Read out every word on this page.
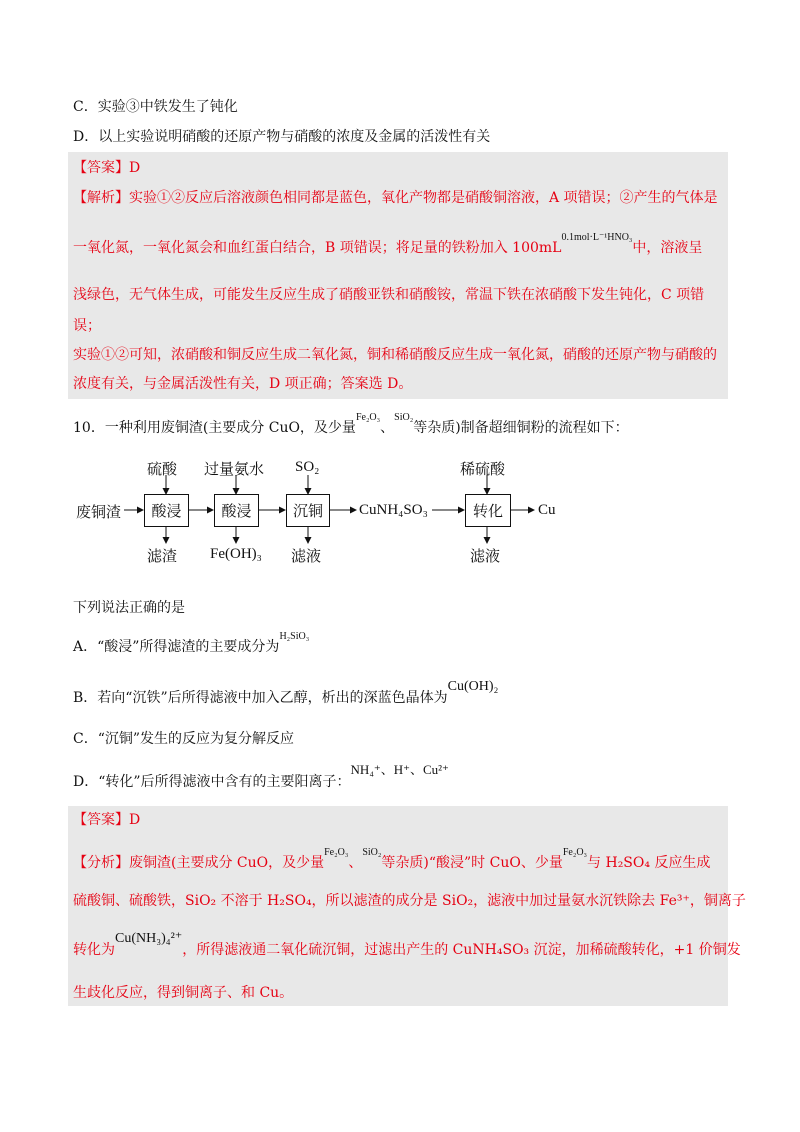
C．实验③中铁发生了钝化
D．以上实验说明硝酸的还原产物与硝酸的浓度及金属的活泼性有关
【答案】D
【解析】实验①②反应后溶液颜色相同都是蓝色，氧化产物都是硝酸铜溶液，A 项错误；②产生的气体是
一氧化氮，一氧化氮会和血红蛋白结合，B 项错误；将足量的铁粉加入 $100mL^{0.1mol\cdot L^{-1}HNO_3}$中，溶液呈
浅绿色，无气体生成，可能发生反应生成了硝酸亚铁和硝酸铵，常温下铁在浓硝酸下发生钝化，C 项错
误；
实验①②可知，浓硝酸和铜反应生成二氧化氮，铜和稀硝酸反应生成一氧化氮，硝酸的还原产物与硝酸的
浓度有关，与金属活泼性有关，D 项正确；答案选 D。
10．一种利用废铜渣(主要成分 CuO，及少量$^{Fe_2O_3}$、$^{SiO_2}$等杂质)制备超细铜粉的流程如下：
废铜渣	酸浸	酸浸	沉铜	转化
硫酸 过量氨水 SO₂	稀硫酸
滤渣 Fe(OH)₃ 滤液	滤液
CuNH₄SO₃	Cu
下列说法正确的是
A．“酸浸”所得滤渣的主要成分为$^{H_2SiO_3}$
B．若向“沉铁”后所得滤液中加入乙醇，析出的深蓝色晶体为Cu(OH)₂
C．“沉铜”发生的反应为复分解反应
D．“转化”后所得滤液中含有的主要阳离子：NH₄⁺、H⁺、Cu²⁺
【答案】D
【分析】废铜渣(主要成分 CuO，及少量$^{Fe_2O_3}$、$^{SiO_2}$等杂质)“酸浸”时 CuO、少量$^{Fe_2O_3}$与 H₂SO₄ 反应生成
硫酸铜、硫酸铁，SiO₂ 不溶于 H₂SO₄，所以滤渣的成分是 SiO₂，滤液中加过量氨水沉铁除去 Fe³⁺，铜离子
转化为Cu(NH₃)₄²⁺，所得滤液通二氧化硫沉铜，过滤出产生的 CuNH₄SO₃ 沉淀，加稀硫酸转化，+1 价铜发
生歧化反应，得到铜离子、和 Cu。
